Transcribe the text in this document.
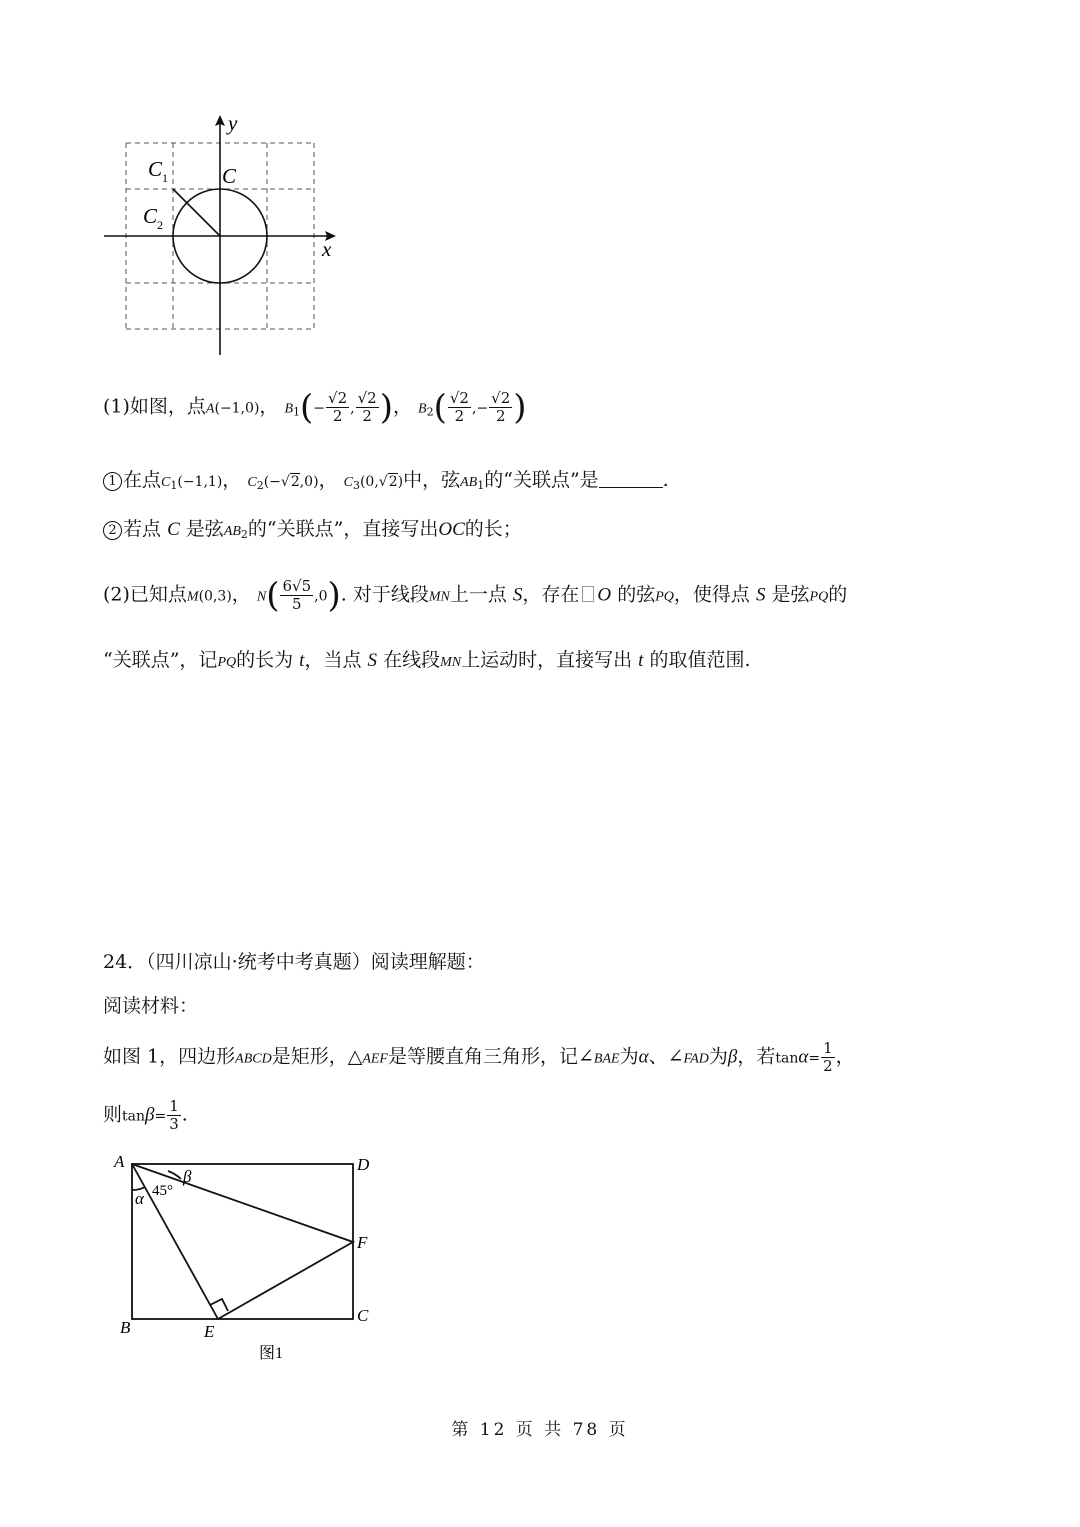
y
x
C
C 1
C 2
(1)如图，点A(−1,0)， $B_1(- \frac{√2}{2}$ , $\frac{√2}{2}$ )， $B_2( \frac{√2}{2}$ ,− $\frac{√2}{2}$ )
1 在点$C_1(-1,1)$， $C_2(-√2,0)$， $C_3(0,√2)$中，弦$AB_1$的“关联点”是	.
2 若点 C 是弦$AB_2$的“关联点”，直接写出OC的长；
(2)已知点M(0,3)， $N( \frac{6√5}{5} ,0)$. 对于线段MN上一点 S，存在 O 的弦PQ，使得点 S 是弦PQ的
“关联点”，记PQ的长为 t，当点 S 在线段MN上运动时，直接写出 t 的取值范围.
24．（四川凉山·统考中考真题）阅读理解题：
阅读材料：
如图 1，四边形ABCD是矩形，△AEF是等腰直角三角形，记∠BAE为α、∠FAD为β，若$\tan\alpha= \frac{1}{2}$ ，
则$\tan\beta= \frac{1}{3}$ .
A	D
F
C
B	E
β
45°
α
图1
第 12 页 共 78 页
